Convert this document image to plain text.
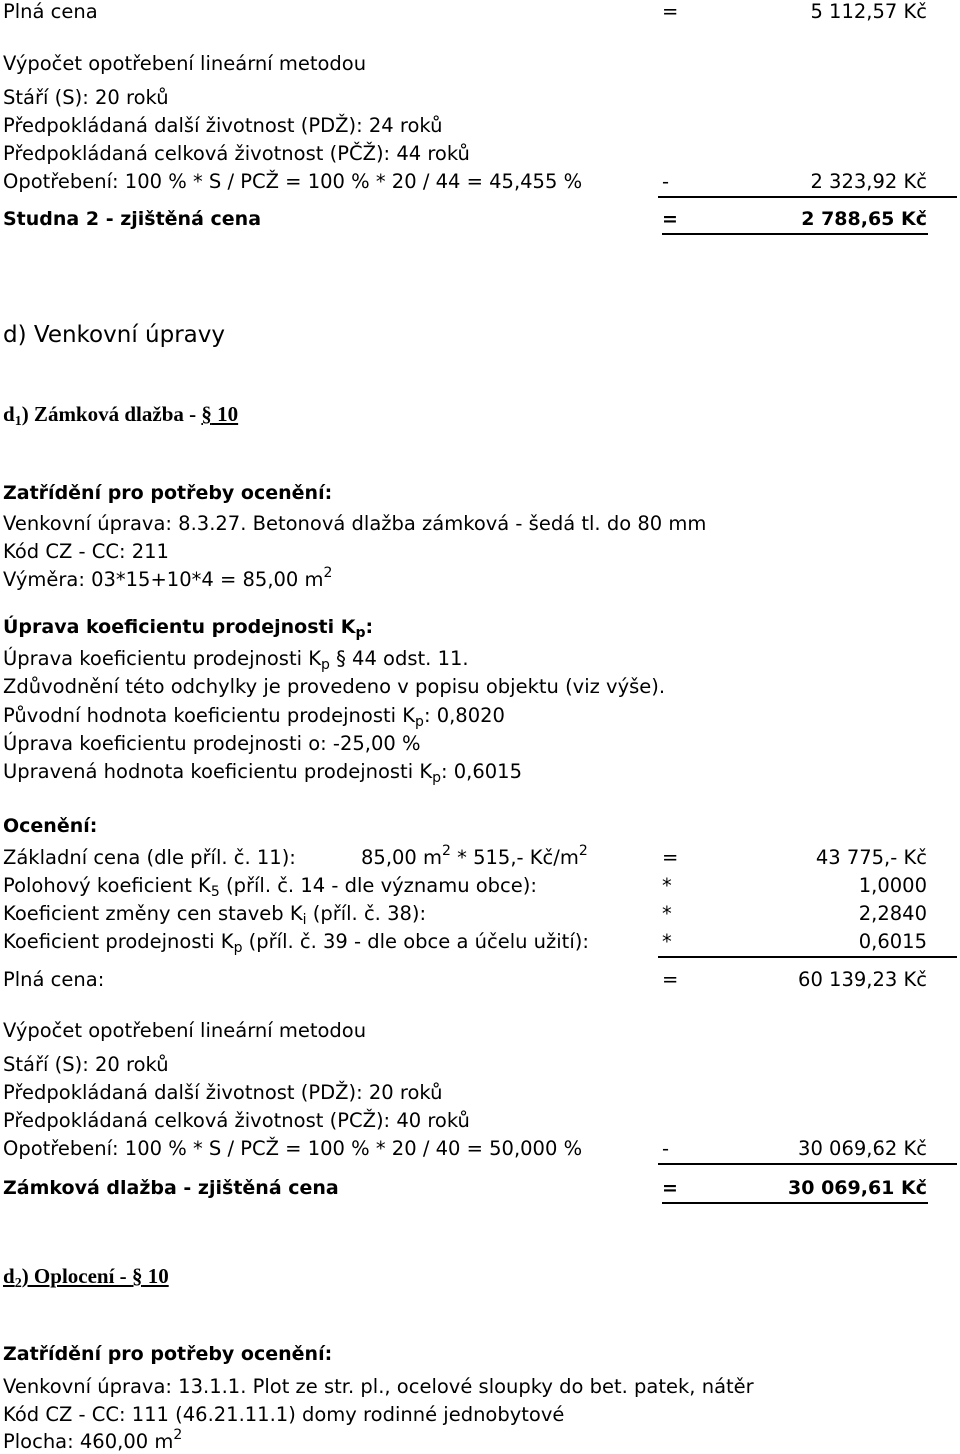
Plná cena	=	5 112,57 Kč
Výpočet opotřebení lineární metodou
Stáří (S): 20 roků
Předpokládaná další životnost (PDŽ): 24 roků
Předpokládaná celková životnost (PČŽ): 44 roků
Opotřebení: 100 % * S / PCŽ = 100 % * 20 / 44 = 45,455 %	-	2 323,92 Kč
Studna 2 - zjištěná cena	=	2 788,65 Kč
d) Venkovní úpravy
$d_1$) Zámková dlažba - § 10
Zatřídění pro potřeby ocenění:
Venkovní úprava: 8.3.27. Betonová dlažba zámková - šedá tl. do 80 mm
Kód CZ - CC: 211
Výměra: 03*15+10*4 = 85,00 $m^2$
Úprava koeficientu prodejnosti $K_p$:
Úprava koeficientu prodejnosti $K_p$ § 44 odst. 11.
Zdůvodnění této odchylky je provedeno v popisu objektu (viz výše).
Původní hodnota koeficientu prodejnosti $K_p$: 0,8020
Úprava koeficientu prodejnosti o: -25,00 %
Upravená hodnota koeficientu prodejnosti $K_p$: 0,6015
Ocenění:
Základní cena (dle příl. č. 11):	85,00 $m^2 * 515,-$ $Kč/m^2$	=	43 775,- Kč
Polohový koeficient $K_5$ (příl. č. 14 - dle významu obce):	*	1,0000
Koeficient změny cen staveb $K_i$ (příl. č. 38):	*	2,2840
Koeficient prodejnosti $K_p$ (příl. č. 39 - dle obce a účelu užití):	*	0,6015
Plná cena:	=	60 139,23 Kč
Výpočet opotřebení lineární metodou
Stáří (S): 20 roků
Předpokládaná další životnost (PDŽ): 20 roků
Předpokládaná celková životnost (PCŽ): 40 roků
Opotřebení: 100 % * S / PCŽ = 100 % * 20 / 40 = 50,000 %	-	30 069,62 Kč
Zámková dlažba - zjištěná cena	=	30 069,61 Kč
$d_2$) Oplocení - § 10
Zatřídění pro potřeby ocenění:
Venkovní úprava: 13.1.1. Plot ze str. pl., ocelové sloupky do bet. patek, nátěr
Kód CZ - CC: 111 (46.21.11.1) domy rodinné jednobytové
Plocha: 460,00 $m^2$
